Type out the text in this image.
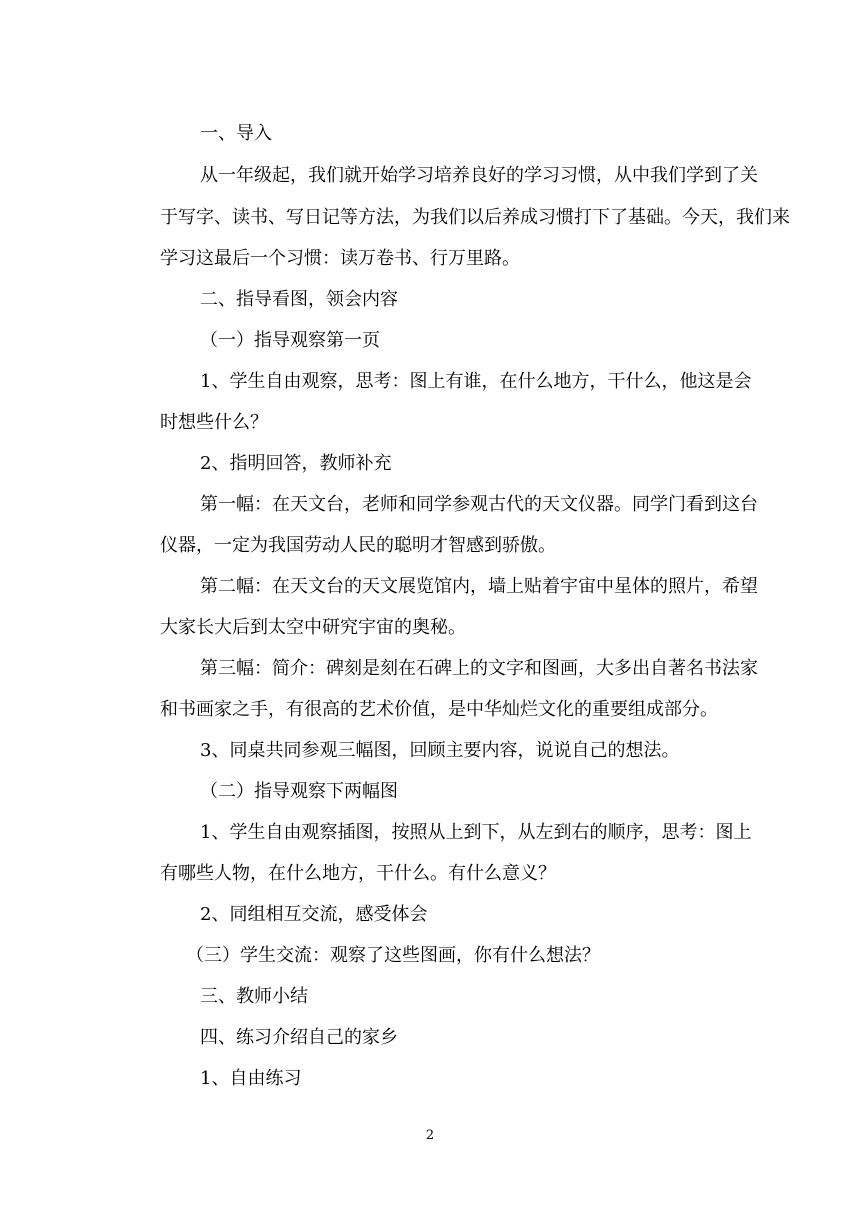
一、导入
从一年级起，我们就开始学习培养良好的学习习惯，从中我们学到了关
于写字、读书、写日记等方法，为我们以后养成习惯打下了基础。今天，我们来
学习这最后一个习惯：读万卷书、行万里路。
二、指导看图，领会内容
（一）指导观察第一页
1、学生自由观察，思考：图上有谁，在什么地方，干什么，他这是会
时想些什么？
2、指明回答，教师补充
第一幅：在天文台，老师和同学参观古代的天文仪器。同学门看到这台
仪器，一定为我国劳动人民的聪明才智感到骄傲。
第二幅：在天文台的天文展览馆内，墙上贴着宇宙中星体的照片，希望
大家长大后到太空中研究宇宙的奥秘。
第三幅：简介：碑刻是刻在石碑上的文字和图画，大多出自著名书法家
和书画家之手，有很高的艺术价值，是中华灿烂文化的重要组成部分。
3、同桌共同参观三幅图，回顾主要内容，说说自己的想法。
（二）指导观察下两幅图
1、学生自由观察插图，按照从上到下，从左到右的顺序，思考：图上
有哪些人物，在什么地方，干什么。有什么意义？
2、同组相互交流，感受体会
（三）学生交流：观察了这些图画，你有什么想法？
三、教师小结
四、练习介绍自己的家乡
1、自由练习
2
